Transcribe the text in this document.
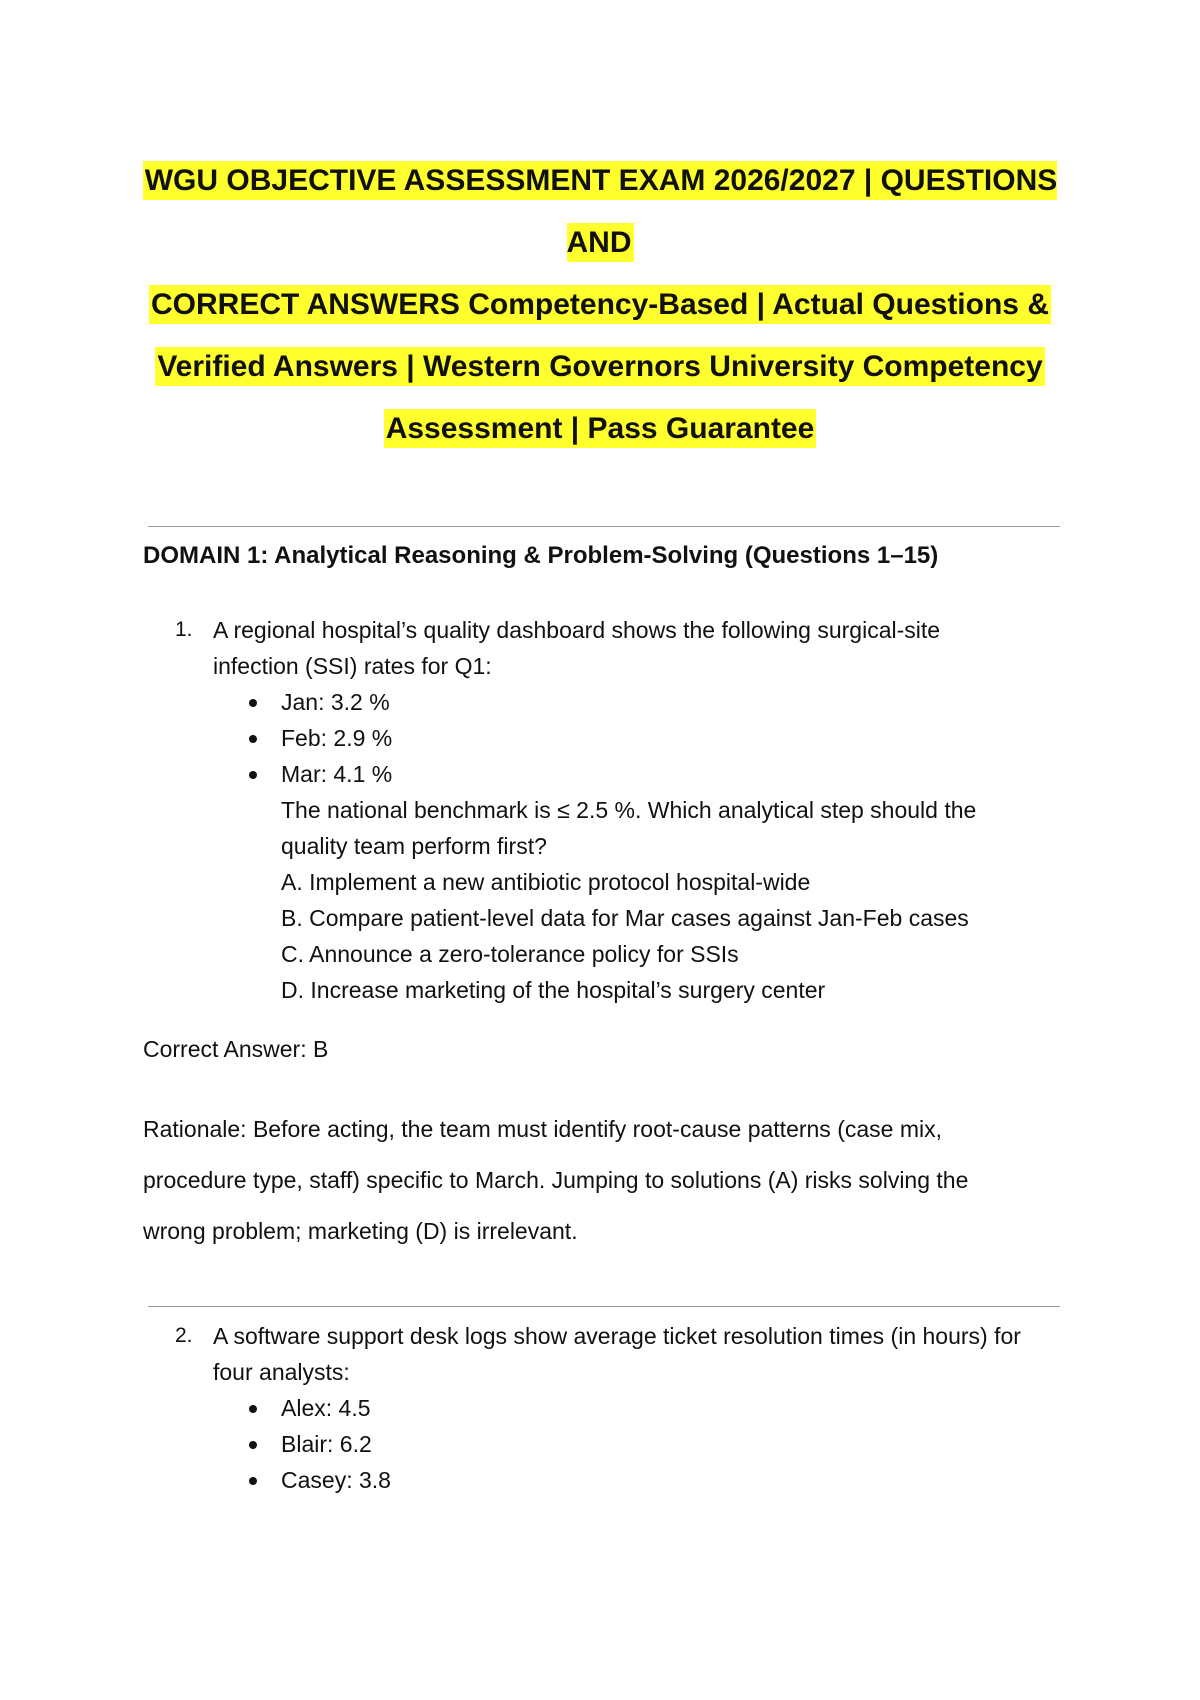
WGU OBJECTIVE ASSESSMENT EXAM 2026/2027 | QUESTIONS AND
CORRECT ANSWERS Competency-Based | Actual Questions &
Verified Answers | Western Governors University Competency
Assessment | Pass Guarantee
DOMAIN 1: Analytical Reasoning & Problem-Solving (Questions 1–15)
1. A regional hospital’s quality dashboard shows the following surgical-site
infection (SSI) rates for Q1:
Jan: 3.2 %
Feb: 2.9 %
Mar: 4.1 %
The national benchmark is ≤ 2.5 %. Which analytical step should the
quality team perform first?
A. Implement a new antibiotic protocol hospital-wide
B. Compare patient-level data for Mar cases against Jan-Feb cases
C. Announce a zero-tolerance policy for SSIs
D. Increase marketing of the hospital’s surgery center
Correct Answer: B
Rationale: Before acting, the team must identify root-cause patterns (case mix,
procedure type, staff) specific to March. Jumping to solutions (A) risks solving the
wrong problem; marketing (D) is irrelevant.
2. A software support desk logs show average ticket resolution times (in hours) for
four analysts:
Alex: 4.5
Blair: 6.2
Casey: 3.8
